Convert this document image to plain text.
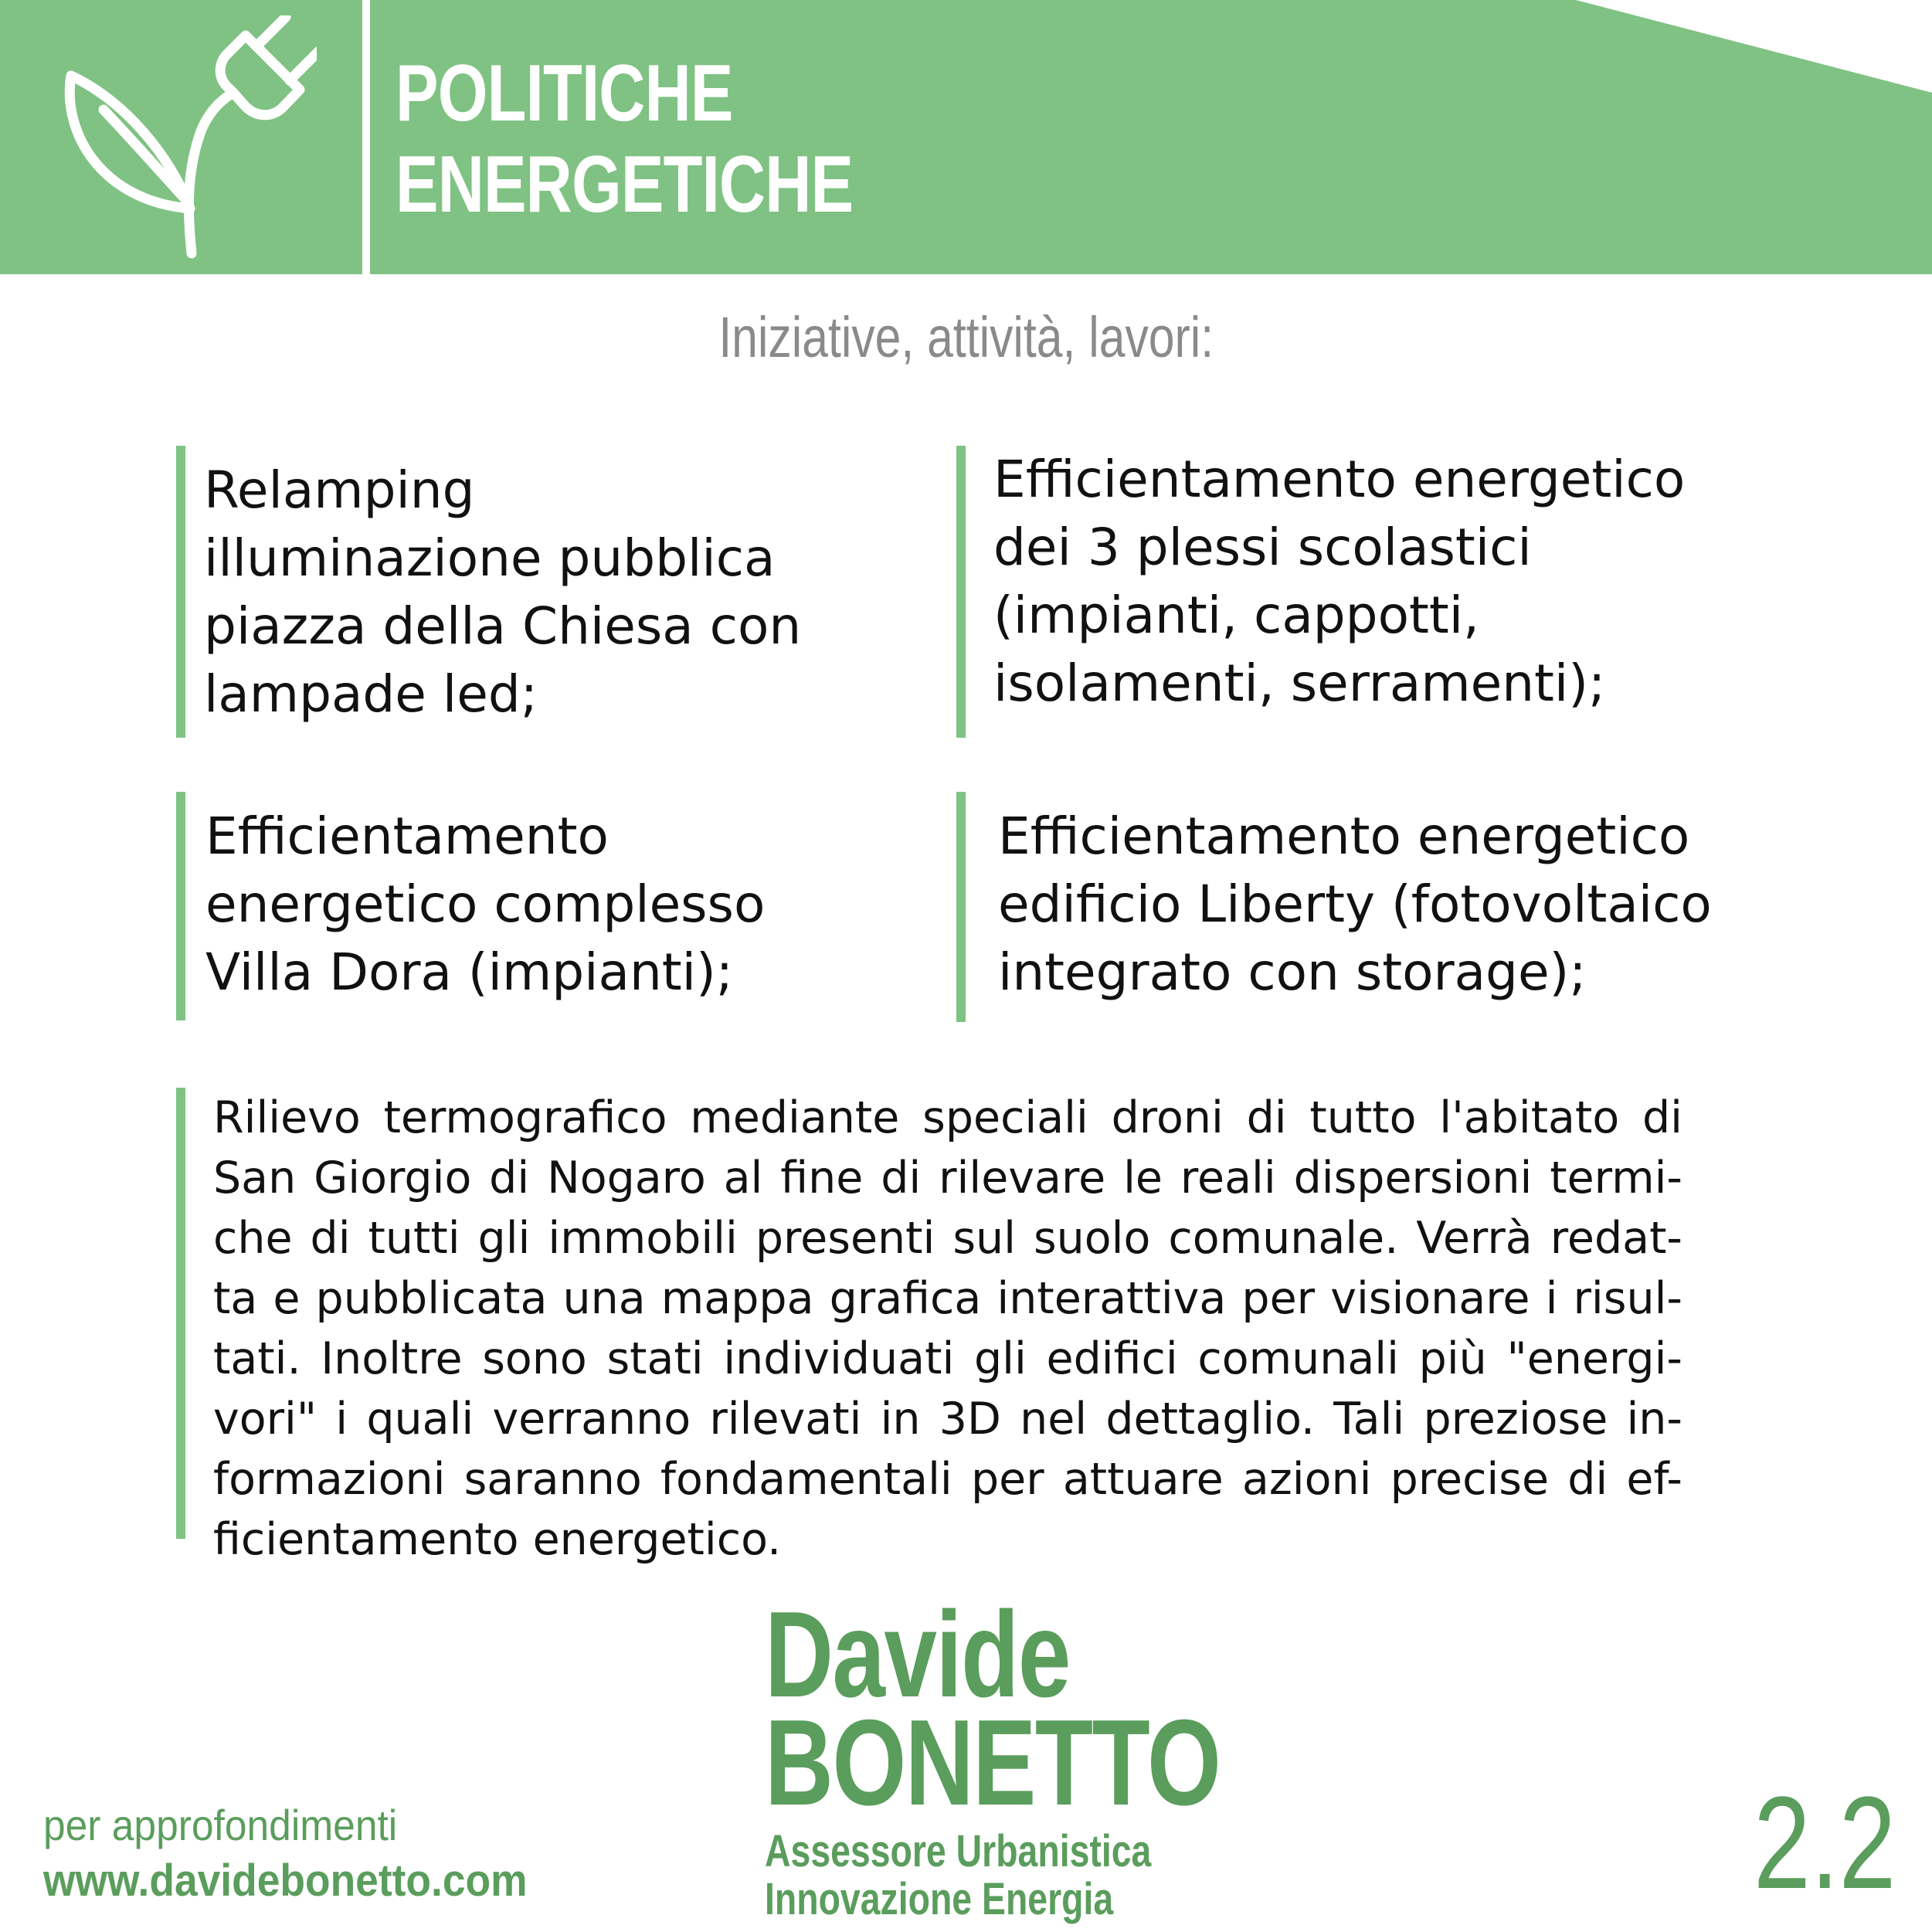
POLITICHE
ENERGETICHE
Iniziative, attività, lavori:

Relamping
illuminazione pubblica
piazza della Chiesa con
lampade led;

Efficientamento energetico
dei 3 plessi scolastici
(impianti, cappotti,
isolamenti, serramenti);

Efficientamento
energetico complesso
Villa Dora (impianti);

Efficientamento energetico
edificio Liberty (fotovoltaico
integrato con storage);

Rilievo termografico mediante speciali droni di tutto l'abitato di
San Giorgio di Nogaro al fine di rilevare le reali dispersioni termi-
che di tutti gli immobili presenti sul suolo comunale. Verrà redat-
ta e pubblicata una mappa grafica interattiva per visionare i risul-
tati. Inoltre sono stati individuati gli edifici comunali più "energi-
vori" i quali verranno rilevati in 3D nel dettaglio. Tali preziose in-
formazioni saranno fondamentali per attuare azioni precise di ef-
ficientamento energetico.

Davide
BONETTO
Assessore Urbanistica
Innovazione Energia

per approfondimenti

www.davidebonetto.com	2.2
